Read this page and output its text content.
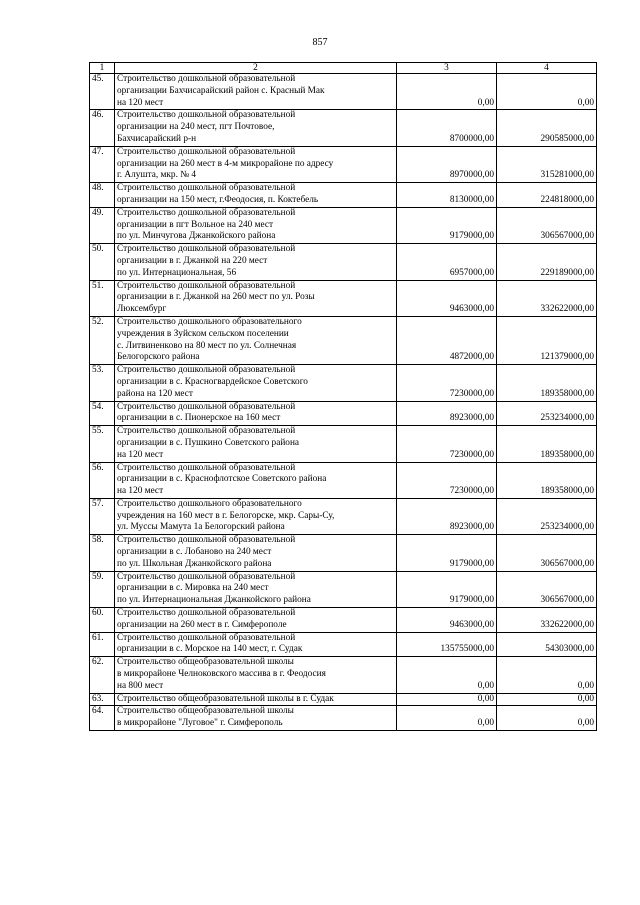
857
1	2	3	4
45.	Строительство дошкольной образовательной
организации Бахчисарайский район с. Красный Мак
на 120 мест	0,00	0,00
46.	Строительство дошкольной образовательной
организации на 240 мест, пгт Почтовое,
Бахчисарайский р-н	8700000,00	290585000,00
47.	Строительство дошкольной образовательной
организации на 260 мест в 4-м микрорайоне по адресу
г. Алушта, мкр. № 4	8970000,00	315281000,00
48.	Строительство дошкольной образовательной
организации на 150 мест, г.Феодосия, п. Коктебель	8130000,00	224818000,00
49.	Строительство дошкольной образовательной
организации в пгт Вольное на 240 мест
по ул. Минчугова Джанкойского района	9179000,00	306567000,00
50.	Строительство дошкольной образовательной
организации в г. Джанкой на 220 мест
по ул. Интернациональная, 56	6957000,00	229189000,00
51.	Строительство дошкольной образовательной
организации в г. Джанкой на 260 мест по ул. Розы
Люксембург	9463000,00	332622000,00
52.	Строительство дошкольного образовательного
учреждения в Зуйском сельском поселении
с. Литвиненково на 80 мест по ул. Солнечная
Белогорского района	4872000,00	121379000,00
53.	Строительство дошкольной образовательной
организации в с. Красногвардейское Советского
района на 120 мест	7230000,00	189358000,00
54.	Строительство дошкольной образовательной
организации в с. Пионерское на 160 мест	8923000,00	253234000,00
55.	Строительство дошкольной образовательной
организации в с. Пушкино Советского района
на 120 мест	7230000,00	189358000,00
56.	Строительство дошкольной образовательной
организации в с. Краснофлотское Советского района
на 120 мест	7230000,00	189358000,00
57.	Строительство дошкольного образовательного
учреждения на 160 мест в г. Белогорске, мкр. Сары-Су,
ул. Муссы Мамута 1а Белогорский района	8923000,00	253234000,00
58.	Строительство дошкольной образовательной
организации в с. Лобаново на 240 мест
по ул. Школьная Джанкойского района	9179000,00	306567000,00
59.	Строительство дошкольной образовательной
организации в с. Мировка на 240 мест
по ул. Интернациональная Джанкойского района	9179000,00	306567000,00
60.	Строительство дошкольной образовательной
организации на 260 мест в г. Симферополе	9463000,00	332622000,00
61.	Строительство дошкольной образовательной
организации в с. Морское на 140 мест, г. Судак	135755000,00	54303000,00
62.	Строительство общеобразовательной школы
в микрорайоне Челноковского массива в г. Феодосия
на 800 мест	0,00	0,00
63.	Строительство общеобразовательной школы в г. Судак	0,00	0,00
64.	Строительство общеобразовательной школы
в микрорайоне "Луговое" г. Симферополь	0,00	0,00
